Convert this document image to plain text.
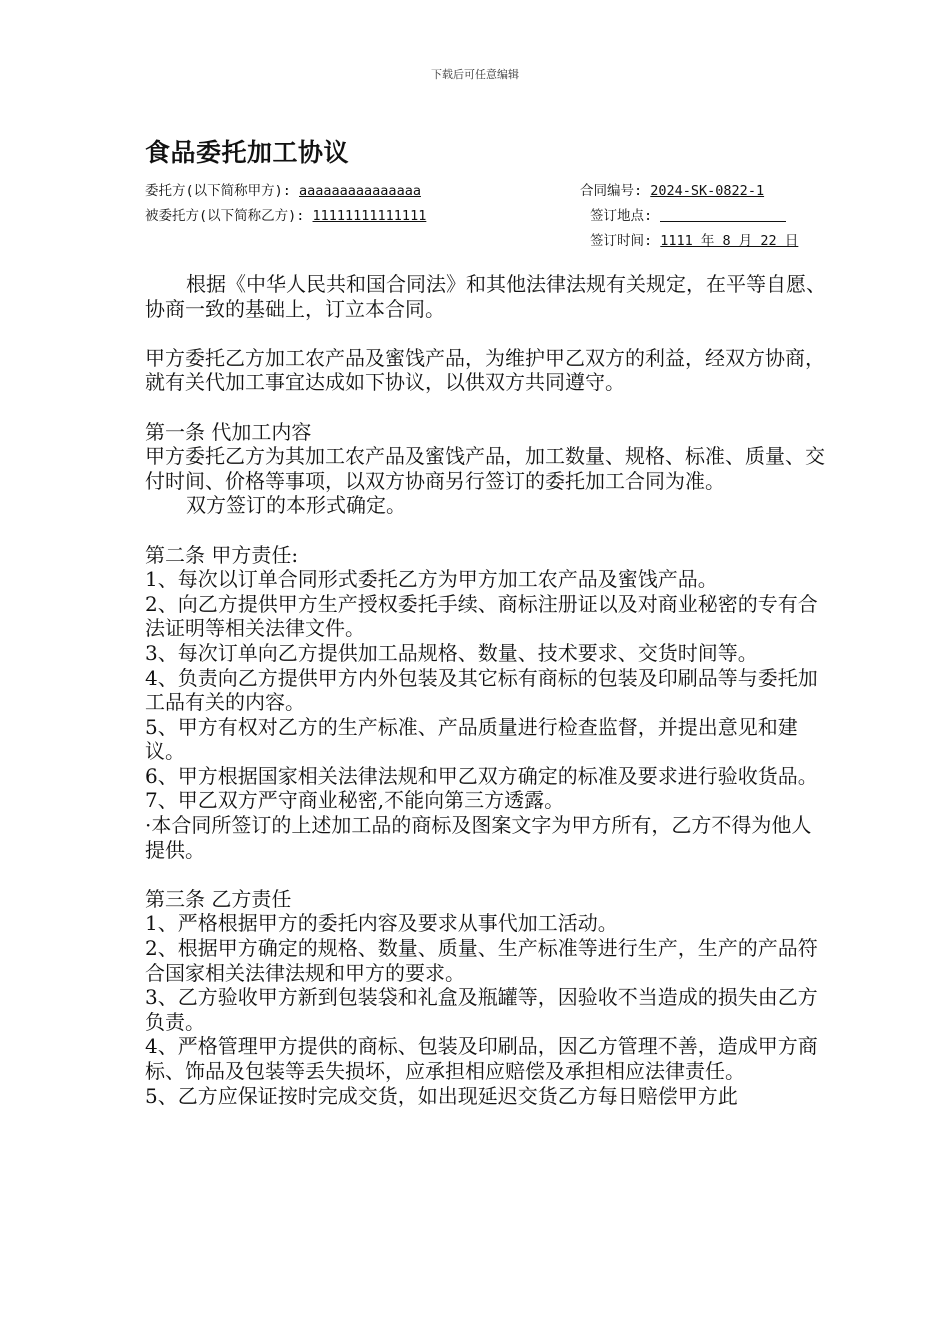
下载后可任意编辑
食品委托加工协议
委托方(以下简称甲方): aaaaaaaaaaaaaaa
被委托方(以下简称乙方): 11111111111111
合同编号: 2024-SK-0822-1
签订地点:
签订时间: 1111 年 8 月 22 日

根据《中华人民共和国合同法》和其他法律法规有关规定，在平等自愿、协商一致的基础上，订立本合同。

甲方委托乙方加工农产品及蜜饯产品，为维护甲乙双方的利益，经双方协商，就有关代加工事宜达成如下协议，以供双方共同遵守。

第一条 代加工内容

甲方委托乙方为其加工农产品及蜜饯产品，加工数量、规格、标准、质量、交付时间、价格等事项，以双方协商另行签订的委托加工合同为准。

双方签订的本形式确定。

第二条 甲方责任:

1、每次以订单合同形式委托乙方为甲方加工农产品及蜜饯产品。

2、向乙方提供甲方生产授权委托手续、商标注册证以及对商业秘密的专有合法证明等相关法律文件。

3、每次订单向乙方提供加工品规格、数量、技术要求、交货时间等。

4、负责向乙方提供甲方内外包装及其它标有商标的包装及印刷品等与委托加工品有关的内容。

5、甲方有权对乙方的生产标准、产品质量进行检查监督，并提出意见和建议。

6、甲方根据国家相关法律法规和甲乙双方确定的标准及要求进行验收货品。

7、甲乙双方严守商业秘密,不能向第三方透露。

·本合同所签订的上述加工品的商标及图案文字为甲方所有，乙方不得为他人提供。

第三条 乙方责任

1、严格根据甲方的委托内容及要求从事代加工活动。

2、根据甲方确定的规格、数量、质量、生产标准等进行生产，生产的产品符合国家相关法律法规和甲方的要求。

3、乙方验收甲方新到包装袋和礼盒及瓶罐等，因验收不当造成的损失由乙方负责。

4、严格管理甲方提供的商标、包装及印刷品，因乙方管理不善，造成甲方商标、饰品及包装等丢失损坏，应承担相应赔偿及承担相应法律责任。

5、乙方应保证按时完成交货，如出现延迟交货乙方每日赔偿甲方此
